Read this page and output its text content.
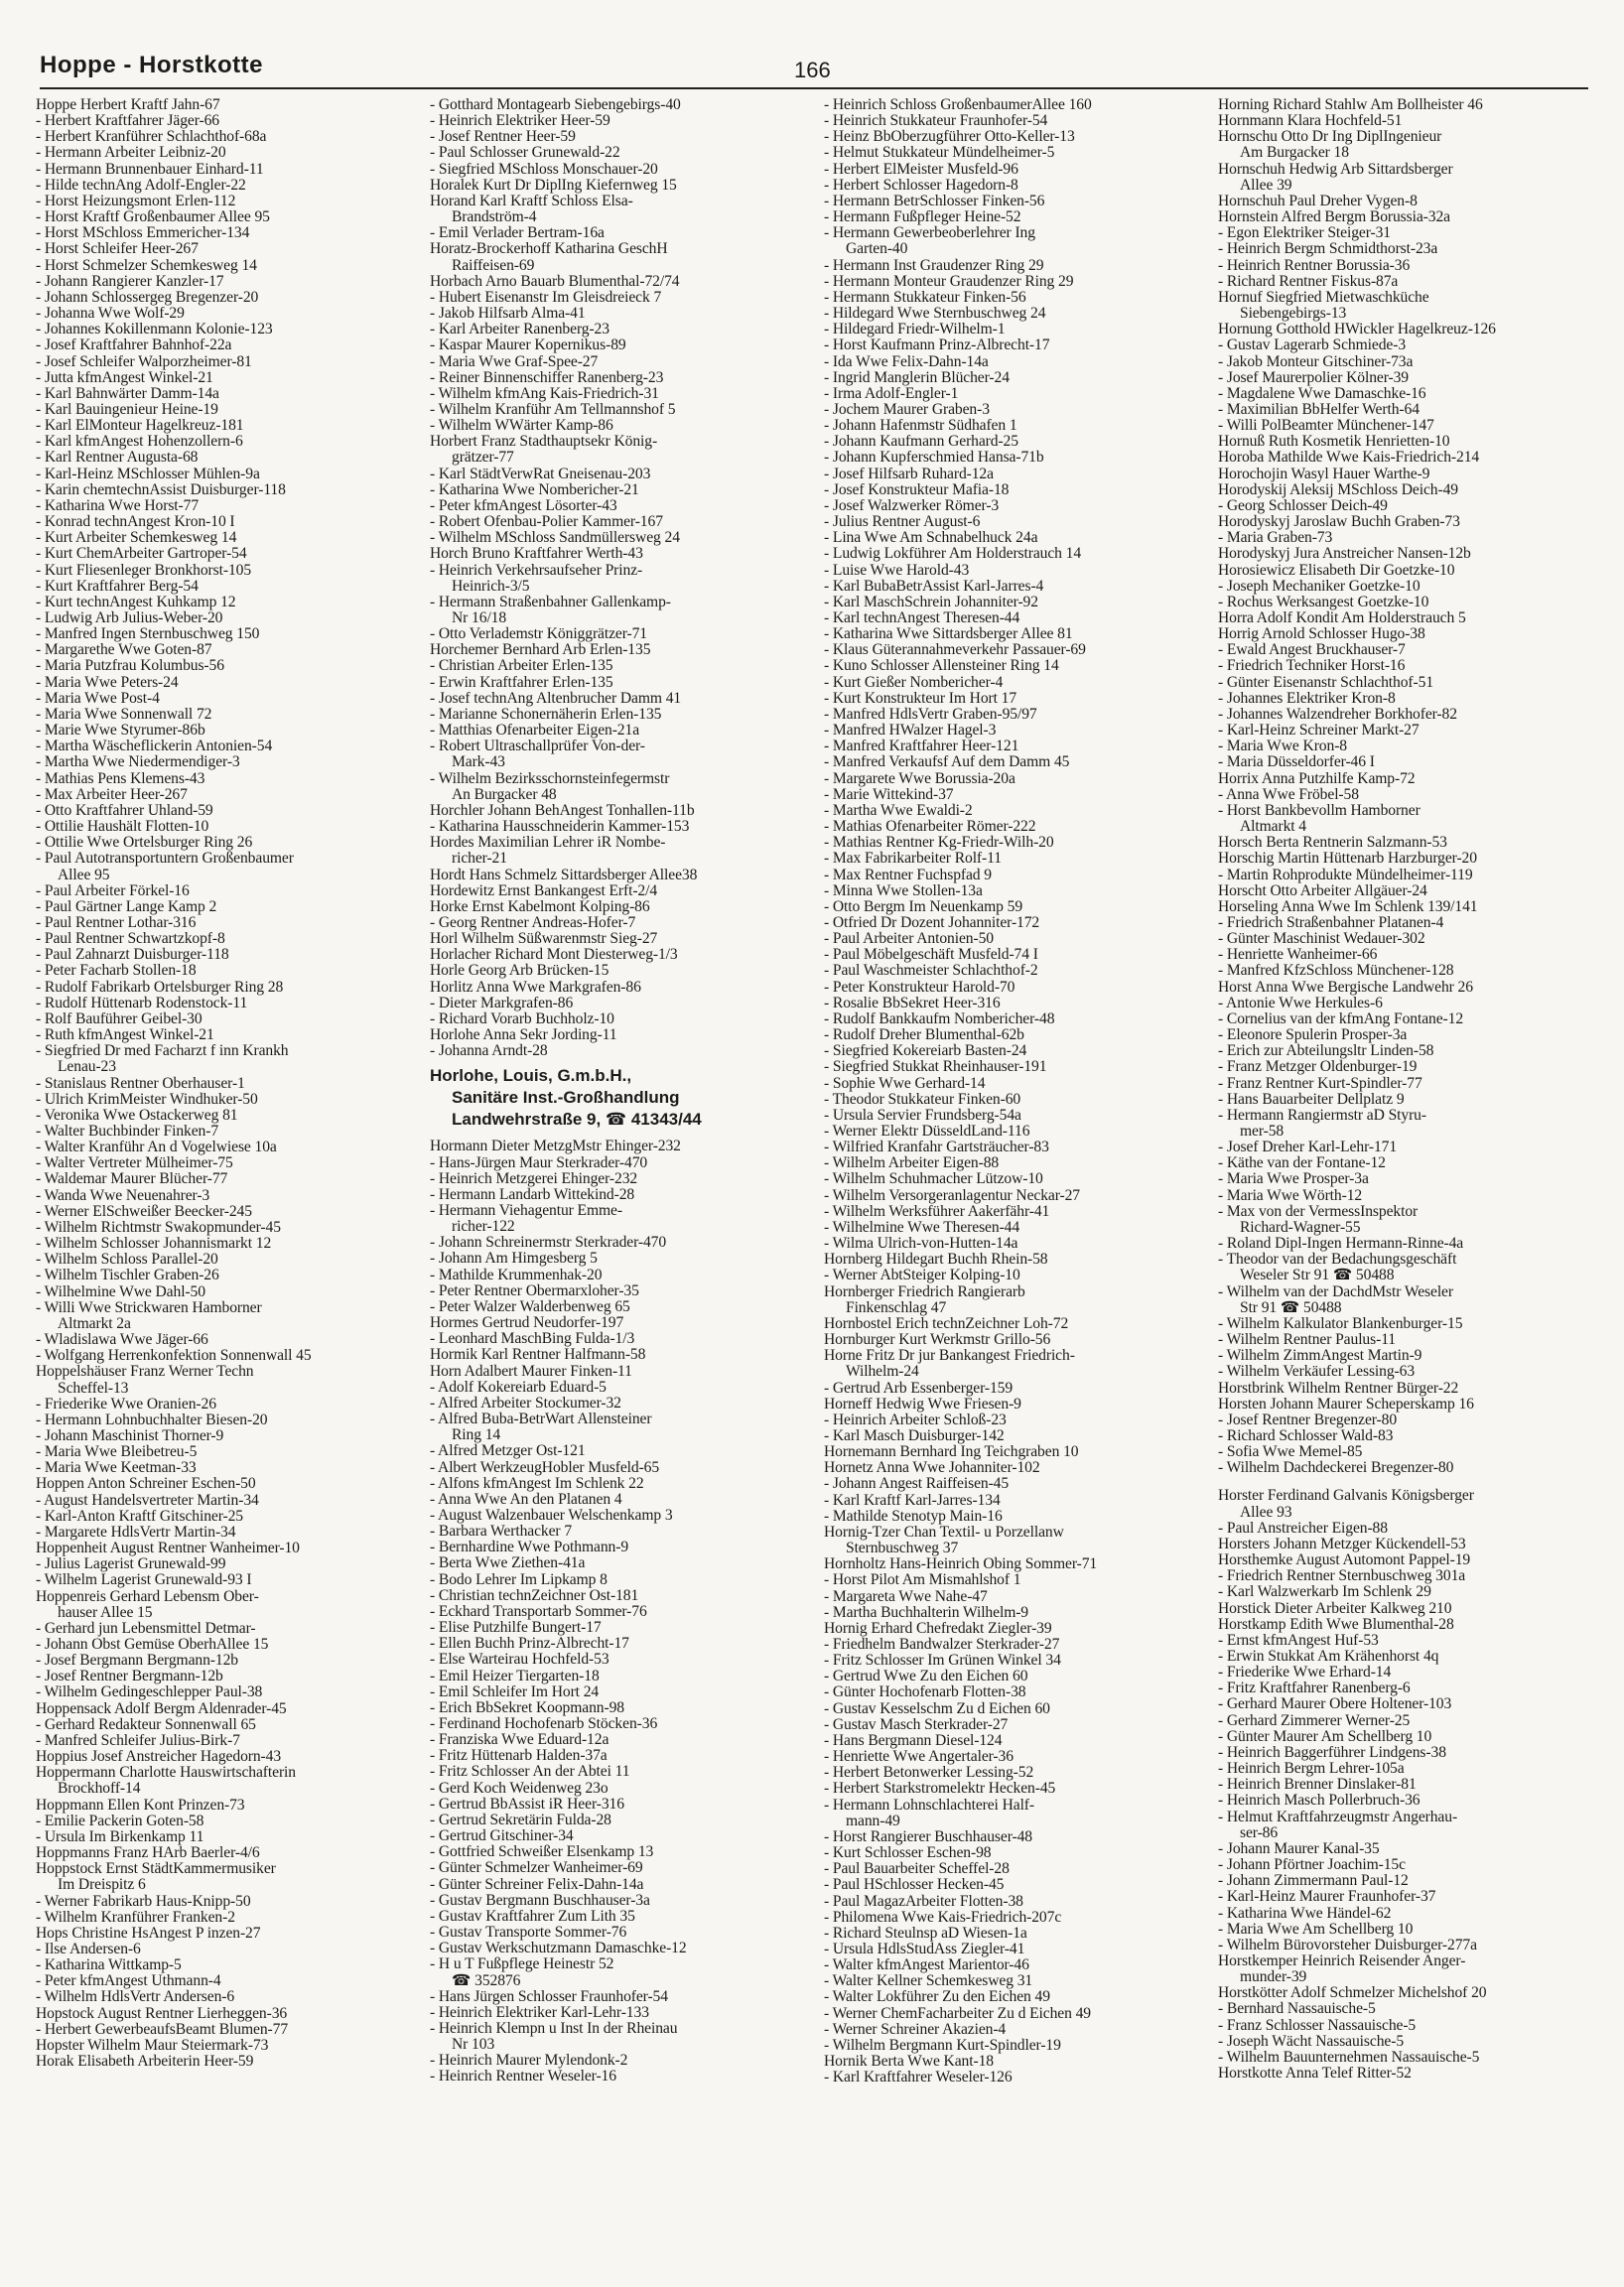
Hoppe - Horstkotte	166
Hoppe Herbert Kraftf Jahn-67
- Herbert Kraftfahrer Jäger-66
- Herbert Kranführer Schlachthof-68a
- Hermann Arbeiter Leibniz-20
- Hermann Brunnenbauer Einhard-11
- Hilde technAng Adolf-Engler-22
- Horst Heizungsmont Erlen-112
- Horst Kraftf Großenbaumer Allee 95
- Horst MSchloss Emmericher-134
- Horst Schleifer Heer-267
- Horst Schmelzer Schemkesweg 14
- Johann Rangierer Kanzler-17
- Johann Schlossergeg Bregenzer-20
- Johanna Wwe Wolf-29
- Johannes Kokillenmann Kolonie-123
- Josef Kraftfahrer Bahnhof-22a
- Josef Schleifer Walporzheimer-81
- Jutta kfmAngest Winkel-21
- Karl Bahnwärter Damm-14a
- Karl Bauingenieur Heine-19
- Karl ElMonteur Hagelkreuz-181
- Karl kfmAngest Hohenzollern-6
- Karl Rentner Augusta-68
- Karl-Heinz MSchlosser Mühlen-9a
- Karin chemtechnAssist Duisburger-118
- Katharina Wwe Horst-77
- Konrad technAngest Kron-10 I
- Kurt Arbeiter Schemkesweg 14
- Kurt ChemArbeiter Gartroper-54
- Kurt Fliesenleger Bronkhorst-105
- Kurt Kraftfahrer Berg-54
- Kurt technAngest Kuhkamp 12
- Ludwig Arb Julius-Weber-20
- Manfred Ingen Sternbuschweg 150
- Margarethe Wwe Goten-87
- Maria Putzfrau Kolumbus-56
- Maria Wwe Peters-24
- Maria Wwe Post-4
- Maria Wwe Sonnenwall 72
- Marie Wwe Styrumer-86b
- Martha Wäscheflickerin Antonien-54
- Martha Wwe Niedermendiger-3
- Mathias Pens Klemens-43
- Max Arbeiter Heer-267
- Otto Kraftfahrer Uhland-59
- Ottilie Haushält Flotten-10
- Ottilie Wwe Ortelsburger Ring 26
- Paul Autotransportuntern Großenbaumer
Allee 95
- Paul Arbeiter Förkel-16
- Paul Gärtner Lange Kamp 2
- Paul Rentner Lothar-316
- Paul Rentner Schwartzkopf-8
- Paul Zahnarzt Duisburger-118
- Peter Facharb Stollen-18
- Rudolf Fabrikarb Ortelsburger Ring 28
- Rudolf Hüttenarb Rodenstock-11
- Rolf Bauführer Geibel-30
- Ruth kfmAngest Winkel-21
- Siegfried Dr med Facharzt f inn Krankh
Lenau-23
- Stanislaus Rentner Oberhauser-1
- Ulrich KrimMeister Windhuker-50
- Veronika Wwe Ostackerweg 81
- Walter Buchbinder Finken-7
- Walter Kranführ An d Vogelwiese 10a
- Walter Vertreter Mülheimer-75
- Waldemar Maurer Blücher-77
- Wanda Wwe Neuenahrer-3
- Werner ElSchweißer Beecker-245
- Wilhelm Richtmstr Swakopmunder-45
- Wilhelm Schlosser Johannismarkt 12
- Wilhelm Schloss Parallel-20
- Wilhelm Tischler Graben-26
- Wilhelmine Wwe Dahl-50
- Willi Wwe Strickwaren Hamborner
Altmarkt 2a
- Wladislawa Wwe Jäger-66
- Wolfgang Herrenkonfektion Sonnenwall 45
Hoppelshäuser Franz Werner Techn
Scheffel-13
- Friederike Wwe Oranien-26
- Hermann Lohnbuchhalter Biesen-20
- Johann Maschinist Thorner-9
- Maria Wwe Bleibetreu-5
- Maria Wwe Keetman-33
Hoppen Anton Schreiner Eschen-50
- August Handelsvertreter Martin-34
- Karl-Anton Kraftf Gitschiner-25
- Margarete HdlsVertr Martin-34
Hoppenheit August Rentner Wanheimer-10
- Julius Lagerist Grunewald-99
- Wilhelm Lagerist Grunewald-93 I
Hoppenreis Gerhard Lebensm Ober-
hauser Allee 15
- Gerhard jun Lebensmittel Detmar-
- Johann Obst Gemüse OberhAllee 15
- Josef Bergmann Bergmann-12b
- Josef Rentner Bergmann-12b
- Wilhelm Gedingeschlepper Paul-38
Hoppensack Adolf Bergm Aldenrader-45
- Gerhard Redakteur Sonnenwall 65
- Manfred Schleifer Julius-Birk-7
Hoppius Josef Anstreicher Hagedorn-43
Hoppermann Charlotte Hauswirtschafterin
Brockhoff-14
Hoppmann Ellen Kont Prinzen-73
- Emilie Packerin Goten-58
- Ursula Im Birkenkamp 11
Hoppmanns Franz HArb Baerler-4/6
Hoppstock Ernst StädtKammermusiker
Im Dreispitz 6
- Werner Fabrikarb Haus-Knipp-50
- Wilhelm Kranführer Franken-2
Hops Christine HsAngest P inzen-27
- Ilse Andersen-6
- Katharina Wittkamp-5
- Peter kfmAngest Uthmann-4
- Wilhelm HdlsVertr Andersen-6
Hopstock August Rentner Lierheggen-36
- Herbert GewerbeaufsBeamt Blumen-77
Hopster Wilhelm Maur Steiermark-73
Horak Elisabeth Arbeiterin Heer-59
- Gotthard Montagearb Siebengebirgs-40
- Heinrich Elektriker Heer-59
- Josef Rentner Heer-59
- Paul Schlosser Grunewald-22
- Siegfried MSchloss Monschauer-20
Horalek Kurt Dr DiplIng Kiefernweg 15
Horand Karl Kraftf Schloss Elsa-
Brandström-4
- Emil Verlader Bertram-16a
Horatz-Brockerhoff Katharina GeschH
Raiffeisen-69
Horbach Arno Bauarb Blumenthal-72/74
- Hubert Eisenanstr Im Gleisdreieck 7
- Jakob Hilfsarb Alma-41
- Karl Arbeiter Ranenberg-23
- Kaspar Maurer Kopernikus-89
- Maria Wwe Graf-Spee-27
- Reiner Binnenschiffer Ranenberg-23
- Wilhelm kfmAng Kais-Friedrich-31
- Wilhelm Kranführ Am Tellmannshof 5
- Wilhelm WWärter Kamp-86
Horbert Franz Stadthauptsekr König-
grätzer-77
- Karl StädtVerwRat Gneisenau-203
- Katharina Wwe Nombericher-21
- Peter kfmAngest Lösorter-43
- Robert Ofenbau-Polier Kammer-167
- Wilhelm MSchloss Sandmüllersweg 24
Horch Bruno Kraftfahrer Werth-43
- Heinrich Verkehrsaufseher Prinz-
Heinrich-3/5
- Hermann Straßenbahner Gallenkamp-
Nr 16/18
- Otto Verlademstr Königgrätzer-71
Horchemer Bernhard Arb Erlen-135
- Christian Arbeiter Erlen-135
- Erwin Kraftfahrer Erlen-135
- Josef technAng Altenbrucher Damm 41
- Marianne Schonernäherin Erlen-135
- Matthias Ofenarbeiter Eigen-21a
- Robert Ultraschallprüfer Von-der-
Mark-43
- Wilhelm Bezirksschornsteinfegermstr
An Burgacker 48
Horchler Johann BehAngest Tonhallen-11b
- Katharina Hausschneiderin Kammer-153
Hordes Maximilian Lehrer iR Nombe-
richer-21
Hordt Hans Schmelz Sittardsberger Allee38
Hordewitz Ernst Bankangest Erft-2/4
Horke Ernst Kabelmont Kolping-86
- Georg Rentner Andreas-Hofer-7
Horl Wilhelm Süßwarenmstr Sieg-27
Horlacher Richard Mont Diesterweg-1/3
Horle Georg Arb Brücken-15
Horlitz Anna Wwe Markgrafen-86
- Dieter Markgrafen-86
- Richard Vorarb Buchholz-10
Horlohe Anna Sekr Jording-11
- Johanna Arndt-28
Horlohe, Louis, G.m.b.H.,
Sanitäre Inst.-Großhandlung
Landwehrstraße 9, ☎ 41343/44
Hormann Dieter MetzgMstr Ehinger-232
- Hans-Jürgen Maur Sterkrader-470
- Heinrich Metzgerei Ehinger-232
- Hermann Landarb Wittekind-28
- Hermann Viehagentur Emme-
richer-122
- Johann Schreinermstr Sterkrader-470
- Johann Am Himgesberg 5
- Mathilde Krummenhak-20
- Peter Rentner Obermarxloher-35
- Peter Walzer Walderbenweg 65
Hormes Gertrud Neudorfer-197
- Leonhard MaschBing Fulda-1/3
Hormik Karl Rentner Halfmann-58
Horn Adalbert Maurer Finken-11
- Adolf Kokereiarb Eduard-5
- Alfred Arbeiter Stockumer-32
- Alfred Buba-BetrWart Allensteiner
Ring 14
- Alfred Metzger Ost-121
- Albert WerkzeugHobler Musfeld-65
- Alfons kfmAngest Im Schlenk 22
- Anna Wwe An den Platanen 4
- August Walzenbauer Welschenkamp 3
- Barbara Werthacker 7
- Bernhardine Wwe Pothmann-9
- Berta Wwe Ziethen-41a
- Bodo Lehrer Im Lipkamp 8
- Christian technZeichner Ost-181
- Eckhard Transportarb Sommer-76
- Elise Putzhilfe Bungert-17
- Ellen Buchh Prinz-Albrecht-17
- Else Warteirau Hochfeld-53
- Emil Heizer Tiergarten-18
- Emil Schleifer Im Hort 24
- Erich BbSekret Koopmann-98
- Ferdinand Hochofenarb Stöcken-36
- Franziska Wwe Eduard-12a
- Fritz Hüttenarb Halden-37a
- Fritz Schlosser An der Abtei 11
- Gerd Koch Weidenweg 23o
- Gertrud BbAssist iR Heer-316
- Gertrud Sekretärin Fulda-28
- Gertrud Gitschiner-34
- Gottfried Schweißer Elsenkamp 13
- Günter Schmelzer Wanheimer-69
- Günter Schreiner Felix-Dahn-14a
- Gustav Bergmann Buschhauser-3a
- Gustav Kraftfahrer Zum Lith 35
- Gustav Transporte Sommer-76
- Gustav Werkschutzmann Damaschke-12
- H u T Fußpflege Heinestr 52
☎ 352876
- Hans Jürgen Schlosser Fraunhofer-54
- Heinrich Elektriker Karl-Lehr-133
- Heinrich Klempn u Inst In der Rheinau
Nr 103
- Heinrich Maurer Mylendonk-2
- Heinrich Rentner Weseler-16
- Heinrich Schloss GroßenbaumerAllee 160
- Heinrich Stukkateur Fraunhofer-54
- Heinz BbOberzugführer Otto-Keller-13
- Helmut Stukkateur Mündelheimer-5
- Herbert ElMeister Musfeld-96
- Herbert Schlosser Hagedorn-8
- Hermann BetrSchlosser Finken-56
- Hermann Fußpfleger Heine-52
- Hermann Gewerbeoberlehrer Ing
Garten-40
- Hermann Inst Graudenzer Ring 29
- Hermann Monteur Graudenzer Ring 29
- Hermann Stukkateur Finken-56
- Hildegard Wwe Sternbuschweg 24
- Hildegard Friedr-Wilhelm-1
- Horst Kaufmann Prinz-Albrecht-17
- Ida Wwe Felix-Dahn-14a
- Ingrid Manglerin Blücher-24
- Irma Adolf-Engler-1
- Jochem Maurer Graben-3
- Johann Hafenmstr Südhafen 1
- Johann Kaufmann Gerhard-25
- Johann Kupferschmied Hansa-71b
- Josef Hilfsarb Ruhard-12a
- Josef Konstrukteur Mafia-18
- Josef Walzwerker Römer-3
- Julius Rentner August-6
- Lina Wwe Am Schnabelhuck 24a
- Ludwig Lokführer Am Holderstrauch 14
- Luise Wwe Harold-43
- Karl BubaBetrAssist Karl-Jarres-4
- Karl MaschSchrein Johanniter-92
- Karl technAngest Theresen-44
- Katharina Wwe Sittardsberger Allee 81
- Klaus Güterannahmeverkehr Passauer-69
- Kuno Schlosser Allensteiner Ring 14
- Kurt Gießer Nombericher-4
- Kurt Konstrukteur Im Hort 17
- Manfred HdlsVertr Graben-95/97
- Manfred HWalzer Hagel-3
- Manfred Kraftfahrer Heer-121
- Manfred Verkaufsf Auf dem Damm 45
- Margarete Wwe Borussia-20a
- Marie Wittekind-37
- Martha Wwe Ewaldi-2
- Mathias Ofenarbeiter Römer-222
- Mathias Rentner Kg-Friedr-Wilh-20
- Max Fabrikarbeiter Rolf-11
- Max Rentner Fuchspfad 9
- Minna Wwe Stollen-13a
- Otto Bergm Im Neuenkamp 59
- Otfried Dr Dozent Johanniter-172
- Paul Arbeiter Antonien-50
- Paul Möbelgeschäft Musfeld-74 I
- Paul Waschmeister Schlachthof-2
- Peter Konstrukteur Harold-70
- Rosalie BbSekret Heer-316
- Rudolf Bankkaufm Nombericher-48
- Rudolf Dreher Blumenthal-62b
- Siegfried Kokereiarb Basten-24
- Siegfried Stukkat Rheinhauser-191
- Sophie Wwe Gerhard-14
- Theodor Stukkateur Finken-60
- Ursula Servier Frundsberg-54a
- Werner Elektr DüsseldLand-116
- Wilfried Kranfahr Gartsträucher-83
- Wilhelm Arbeiter Eigen-88
- Wilhelm Schuhmacher Lützow-10
- Wilhelm Versorgeranlagentur Neckar-27
- Wilhelm Werksführer Aakerfähr-41
- Wilhelmine Wwe Theresen-44
- Wilma Ulrich-von-Hutten-14a
Hornberg Hildegart Buchh Rhein-58
- Werner AbtSteiger Kolping-10
Hornberger Friedrich Rangierarb
Finkenschlag 47
Hornbostel Erich technZeichner Loh-72
Hornburger Kurt Werkmstr Grillo-56
Horne Fritz Dr jur Bankangest Friedrich-
Wilhelm-24
- Gertrud Arb Essenberger-159
Horneff Hedwig Wwe Friesen-9
- Heinrich Arbeiter Schloß-23
- Karl Masch Duisburger-142
Hornemann Bernhard Ing Teichgraben 10
Hornetz Anna Wwe Johanniter-102
- Johann Angest Raiffeisen-45
- Karl Kraftf Karl-Jarres-134
- Mathilde Stenotyp Main-16
Hornig-Tzer Chan Textil- u Porzellanw
Sternbuschweg 37
Hornholtz Hans-Heinrich Obing Sommer-71
- Horst Pilot Am Mismahlshof 1
- Margareta Wwe Nahe-47
- Martha Buchhalterin Wilhelm-9
Hornig Erhard Chefredakt Ziegler-39
- Friedhelm Bandwalzer Sterkrader-27
- Fritz Schlosser Im Grünen Winkel 34
- Gertrud Wwe Zu den Eichen 60
- Günter Hochofenarb Flotten-38
- Gustav Kesselschm Zu d Eichen 60
- Gustav Masch Sterkrader-27
- Hans Bergmann Diesel-124
- Henriette Wwe Angertaler-36
- Herbert Betonwerker Lessing-52
- Herbert Starkstromelektr Hecken-45
- Hermann Lohnschlachterei Half-
mann-49
- Horst Rangierer Buschhauser-48
- Kurt Schlosser Eschen-98
- Paul Bauarbeiter Scheffel-28
- Paul HSchlosser Hecken-45
- Paul MagazArbeiter Flotten-38
- Philomena Wwe Kais-Friedrich-207c
- Richard Steulnsp aD Wiesen-1a
- Ursula HdlsStudAss Ziegler-41
- Walter kfmAngest Marientor-46
- Walter Kellner Schemkesweg 31
- Walter Lokführer Zu den Eichen 49
- Werner ChemFacharbeiter Zu d Eichen 49
- Werner Schreiner Akazien-4
- Wilhelm Bergmann Kurt-Spindler-19
Hornik Berta Wwe Kant-18
- Karl Kraftfahrer Weseler-126
Horning Richard Stahlw Am Bollheister 46
Hornmann Klara Hochfeld-51
Hornschu Otto Dr Ing DiplIngenieur
Am Burgacker 18
Hornschuh Hedwig Arb Sittardsberger
Allee 39
Hornschuh Paul Dreher Vygen-8
Hornstein Alfred Bergm Borussia-32a
- Egon Elektriker Steiger-31
- Heinrich Bergm Schmidthorst-23a
- Heinrich Rentner Borussia-36
- Richard Rentner Fiskus-87a
Hornuf Siegfried Mietwaschküche
Siebengebirgs-13
Hornung Gotthold HWickler Hagelkreuz-126
- Gustav Lagerarb Schmiede-3
- Jakob Monteur Gitschiner-73a
- Josef Maurerpolier Kölner-39
- Magdalene Wwe Damaschke-16
- Maximilian BbHelfer Werth-64
- Willi PolBeamter Münchener-147
Hornuß Ruth Kosmetik Henrietten-10
Horoba Mathilde Wwe Kais-Friedrich-214
Horochojin Wasyl Hauer Warthe-9
Horodyskij Aleksij MSchloss Deich-49
- Georg Schlosser Deich-49
Horodyskyj Jaroslaw Buchh Graben-73
- Maria Graben-73
Horodyskyj Jura Anstreicher Nansen-12b
Horosiewicz Elisabeth Dir Goetzke-10
- Joseph Mechaniker Goetzke-10
- Rochus Werksangest Goetzke-10
Horra Adolf Kondit Am Holderstrauch 5
Horrig Arnold Schlosser Hugo-38
- Ewald Angest Bruckhauser-7
- Friedrich Techniker Horst-16
- Günter Eisenanstr Schlachthof-51
- Johannes Elektriker Kron-8
- Johannes Walzendreher Borkhofer-82
- Karl-Heinz Schreiner Markt-27
- Maria Wwe Kron-8
- Maria Düsseldorfer-46 I
Horrix Anna Putzhilfe Kamp-72
- Anna Wwe Fröbel-58
- Horst Bankbevollm Hamborner
Altmarkt 4
Horsch Berta Rentnerin Salzmann-53
Horschig Martin Hüttenarb Harzburger-20
- Martin Rohprodukte Mündelheimer-119
Horscht Otto Arbeiter Allgäuer-24
Horseling Anna Wwe Im Schlenk 139/141
- Friedrich Straßenbahner Platanen-4
- Günter Maschinist Wedauer-302
- Henriette Wanheimer-66
- Manfred KfzSchloss Münchener-128
Horst Anna Wwe Bergische Landwehr 26
- Antonie Wwe Herkules-6
- Cornelius van der kfmAng Fontane-12
- Eleonore Spulerin Prosper-3a
- Erich zur Abteilungsltr Linden-58
- Franz Metzger Oldenburger-19
- Franz Rentner Kurt-Spindler-77
- Hans Bauarbeiter Dellplatz 9
- Hermann Rangiermstr aD Styru-
mer-58
- Josef Dreher Karl-Lehr-171
- Käthe van der Fontane-12
- Maria Wwe Prosper-3a
- Maria Wwe Wörth-12
- Max von der VermessInspektor
Richard-Wagner-55
- Roland Dipl-Ingen Hermann-Rinne-4a
- Theodor van der Bedachungsgeschäft
Weseler Str 91 ☎ 50488
- Wilhelm van der DachdMstr Weseler
Str 91 ☎ 50488
- Wilhelm Kalkulator Blankenburger-15
- Wilhelm Rentner Paulus-11
- Wilhelm ZimmAngest Martin-9
- Wilhelm Verkäufer Lessing-63
Horstbrink Wilhelm Rentner Bürger-22
Horsten Johann Maurer Scheperskamp 16
- Josef Rentner Bregenzer-80
- Richard Schlosser Wald-83
- Sofia Wwe Memel-85
- Wilhelm Dachdeckerei Bregenzer-80
Horster Ferdinand Galvanis Königsberger
Allee 93
- Paul Anstreicher Eigen-88
Horsters Johann Metzger Kückendell-53
Horsthemke August Automont Pappel-19
- Friedrich Rentner Sternbuschweg 301a
- Karl Walzwerkarb Im Schlenk 29
Horstick Dieter Arbeiter Kalkweg 210
Horstkamp Edith Wwe Blumenthal-28
- Ernst kfmAngest Huf-53
- Erwin Stukkat Am Krähenhorst 4q
- Friederike Wwe Erhard-14
- Fritz Kraftfahrer Ranenberg-6
- Gerhard Maurer Obere Holtener-103
- Gerhard Zimmerer Werner-25
- Günter Maurer Am Schellberg 10
- Heinrich Baggerführer Lindgens-38
- Heinrich Bergm Lehrer-105a
- Heinrich Brenner Dinslaker-81
- Heinrich Masch Pollerbruch-36
- Helmut Kraftfahrzeugmstr Angerhau-
ser-86
- Johann Maurer Kanal-35
- Johann Pförtner Joachim-15c
- Johann Zimmermann Paul-12
- Karl-Heinz Maurer Fraunhofer-37
- Katharina Wwe Händel-62
- Maria Wwe Am Schellberg 10
- Wilhelm Bürovorsteher Duisburger-277a
Horstkemper Heinrich Reisender Anger-
munder-39
Horstkötter Adolf Schmelzer Michelshof 20
- Bernhard Nassauische-5
- Franz Schlosser Nassauische-5
- Joseph Wächt Nassauische-5
- Wilhelm Bauunternehmen Nassauische-5
Horstkotte Anna Telef Ritter-52
